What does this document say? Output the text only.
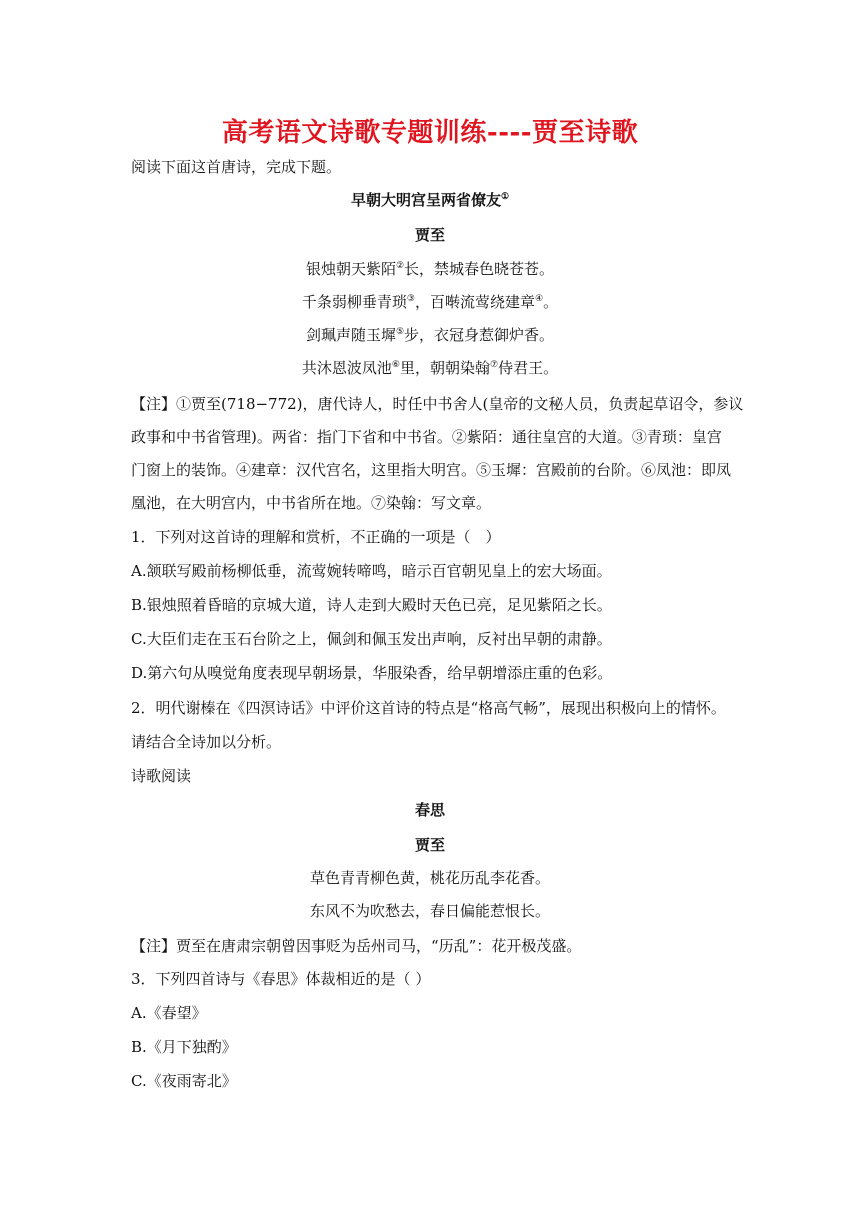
高考语文诗歌专题训练----贾至诗歌
阅读下面这首唐诗，完成下题。
早朝大明宫呈两省僚友①
贾至
银烛朝天紫陌②长，禁城春色晓苍苍。
千条弱柳垂青琐③，百啭流莺绕建章④。
剑珮声随玉墀⑤步，衣冠身惹御炉香。
共沐恩波凤池⑥里，朝朝染翰⑦侍君王。
【注】①贾至(718−772)，唐代诗人，时任中书舍人(皇帝的文秘人员，负责起草诏令，参议
政事和中书省管理)。两省：指门下省和中书省。②紫陌：通往皇宫的大道。③青琐：皇宫
门窗上的装饰。④建章：汉代宫名，这里指大明宫。⑤玉墀：宫殿前的台阶。⑥凤池：即凤
凰池，在大明宫内，中书省所在地。⑦染翰：写文章。
1．下列对这首诗的理解和赏析，不正确的一项是（　）
A.颔联写殿前杨柳低垂，流莺婉转啼鸣，暗示百官朝见皇上的宏大场面。
B.银烛照着昏暗的京城大道，诗人走到大殿时天色已亮，足见紫陌之长。
C.大臣们走在玉石台阶之上，佩剑和佩玉发出声响，反衬出早朝的肃静。
D.第六句从嗅觉角度表现早朝场景，华服染香，给早朝增添庄重的色彩。
2．明代谢榛在《四溟诗话》中评价这首诗的特点是“格高气畅”，展现出积极向上的情怀。
请结合全诗加以分析。
诗歌阅读
春思
贾至
草色青青柳色黄，桃花历乱李花香。
东风不为吹愁去，春日偏能惹恨长。
【注】贾至在唐肃宗朝曾因事贬为岳州司马，“历乱”：花开极茂盛。
3．下列四首诗与《春思》体裁相近的是（ ）
A.《春望》
B.《月下独酌》
C.《夜雨寄北》
